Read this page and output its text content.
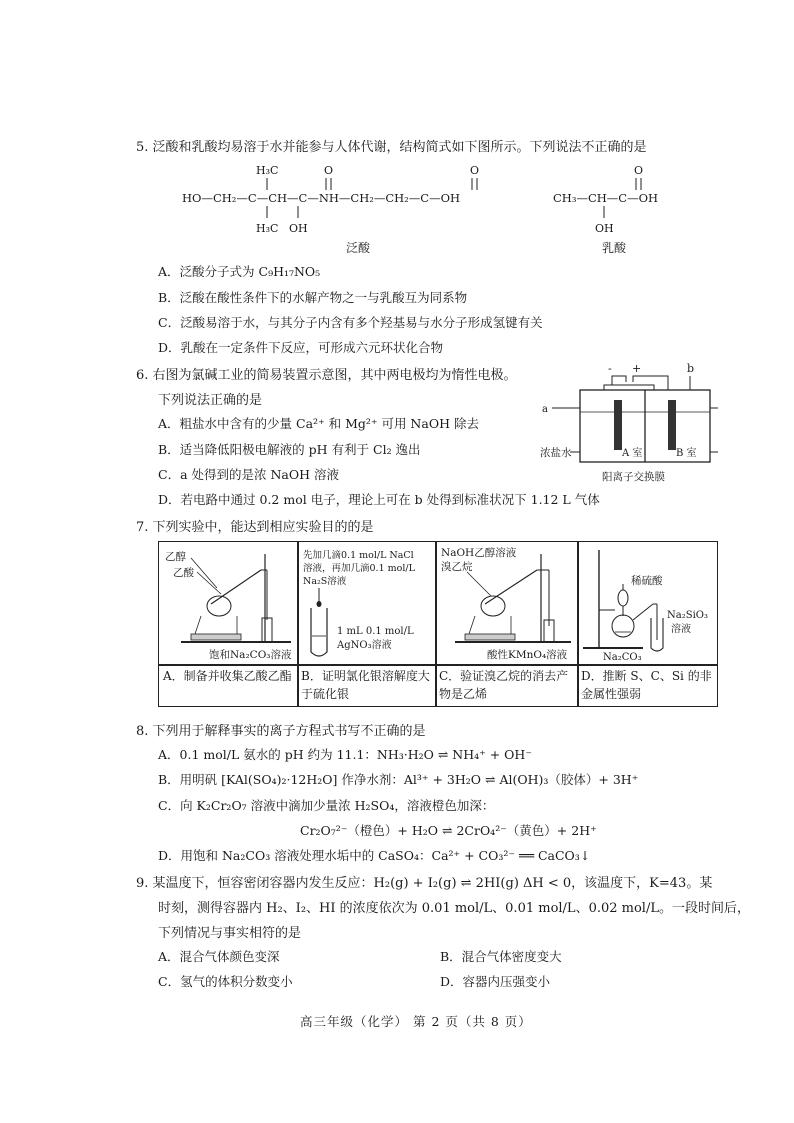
5. 泛酸和乳酸均易溶于水并能参与人体代谢，结构简式如下图所示。下列说法不正确的是
H₃C
HO—CH₂—C—CH—C—NH—CH₂—CH₂—C—OH
H₃C OH
O	O
泛酸
CH₃—CH—C—OH
OH
O
乳酸
A．泛酸分子式为 C₉H₁₇NO₅
B．泛酸在酸性条件下的水解产物之一与乳酸互为同系物
C．泛酸易溶于水，与其分子内含有多个羟基易与水分子形成氢键有关
D．乳酸在一定条件下反应，可形成六元环状化合物
6. 右图为氯碱工业的简易装置示意图，其中两电极均为惰性电极。
下列说法正确的是
A．粗盐水中含有的少量 Ca²⁺ 和 Mg²⁺ 可用 NaOH 除去
B．适当降低阳极电解液的 pH 有利于 Cl₂ 逸出
C．a 处得到的是浓 NaOH 溶液
D．若电路中通过 0.2 mol 电子，理论上可在 b 处得到标准状况下 1.12 L 气体
- +	b
a
A 室	B 室
浓盐水
阳离子交换膜
7. 下列实验中，能达到相应实验目的的是
乙醇
乙酸
饱和Na₂CO₃溶液
A．制备并收集乙酸乙酯
先加几滴0.1 mol/L NaCl
溶液，再加几滴0.1 mol/L
Na₂S溶液
1 mL 0.1 mol/L
AgNO₃溶液
B．证明氯化银溶解度大于硫化银
NaOH乙醇溶液
溴乙烷
酸性KMnO₄溶液
C．验证溴乙烷的消去产物是乙烯
稀硫酸
Na₂SiO₃
溶液
Na₂CO₃
D．推断 S、C、Si 的非金属性强弱
8. 下列用于解释事实的离子方程式书写不正确的是
A．0.1 mol/L 氨水的 pH 约为 11.1：NH₃·H₂O ⇌ NH₄⁺ + OH⁻
B．用明矾 [KAl(SO₄)₂·12H₂O] 作净水剂：Al³⁺ + 3H₂O ⇌ Al(OH)₃（胶体）+ 3H⁺
C．向 K₂Cr₂O₇ 溶液中滴加少量浓 H₂SO₄，溶液橙色加深：
Cr₂O₇²⁻（橙色）+ H₂O ⇌ 2CrO₄²⁻（黄色）+ 2H⁺
D．用饱和 Na₂CO₃ 溶液处理水垢中的 CaSO₄：Ca²⁺ + CO₃²⁻ ══ CaCO₃↓
9. 某温度下，恒容密闭容器内发生反应：H₂(g) + I₂(g) ⇌ 2HI(g) ΔH < 0，该温度下，K=43。某
时刻，测得容器内 H₂、I₂、HI 的浓度依次为 0.01 mol/L、0.01 mol/L、0.02 mol/L。一段时间后，
下列情况与事实相符的是
A．混合气体颜色变深	B．混合气体密度变大
C．氢气的体积分数变小	D．容器内压强变小
高三年级（化学） 第 2 页（共 8 页）
